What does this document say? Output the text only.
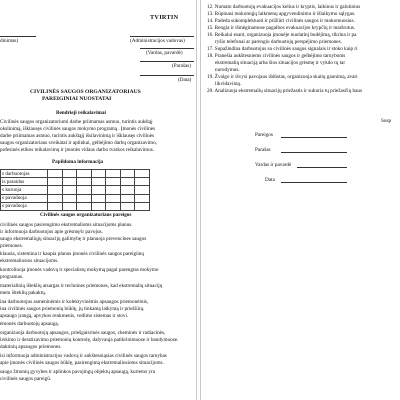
TVIRTIN
dinimas)	(Administracijos vadovas)
(Vardas, pavardė)
(Parašas)
(Data)
CIVILINĖS SAUGOS ORGANIZATORIAUS
PAREIGINIAI NUOSTATAI
Bendrieji reikalavimai
Civilinės saugos organizatoriumi darbe priimamas asmuo, turintis aukštąj
okslinimą, išklausęs civilinės saugos mokymo programą . Įmonės civilinės
darbe priimamas asmuo, turintis aukštąjį išsilavinimą ir išklausęs civilinės
saugos organizatoriaus sveikatai ir aplinkai, gelbėjimo darbų organizavimo,
pofesinės etikos reikalavimų ir įmonės vidaus darbo tvarkos reikalavimus.
Papildoma informacija
s darbuotojas							
is paraidus							
s kuruoja							
s pavaduoja							
s pavaduoja							
Civilinės saugos organizatoriaus pareigos
civilinės saugos pasirengimo ekstremalioms situacijoms planus.
ir informuoja darbuotojus apie grėsmę/ir pavojus.
saugo ekstremaliųjų situacijų galimybę ir planuoja prevencines saugos
priemones.
klausia, sistemina ir kaupia planus įmonės civilinės saugos pareigūnų
ekstremaliosios situacijoms.
kontroliuoja įmonės vadovą ir specialistų mokymą pagal parengtas mokymo
programas.
materialinių išteklių atsargas ir technines priemones, kad ekstremalių situacijų
metu išteklių pakaktų.
ina darbuotojus asmeninėmis ir kolektyvinėmis apsaugos priemonėmis,
ina civilinės saugos priemonių būklę, jų tinkamą laikymą ir priežiūrą.
apsaugo įrangą, apvykos renkmenis, vedimo sistemas ir stovi.
ėmonės darbuotojų apsaugą.
organizuoja darbuotojų apsaugos, priešgaisrinės saugos, cheminės ir radiacinės,
irskimo ir deratizavimo priemonių kontrolę, dalyvauja patikrinimuose ir bandymuose.
daktinių apsaugos priemones.
isi informuoja administracijos vadovą ir aukštesniąsias civilinės saugos tarnybas
apie įmonės civilinės saugos būklę, pasirengimą ekstremaliosioms situacijoms.
saugo žmonių gyvybes ir aplinkos pavojingų objektų apsaugą, kuriems yra
civilinės saugos pareigū.
12. Numato darbuotojų evakuacijos kelius ir kryptis, laikinus ir galutinius
13. Rūpinasi mokomųjų laikmenų apgyvendinimu ir išlaikymo sąlygas.
14. Padeda sukomplektuoti ir prižiūri civilinės saugos ir mokomuosius.
15. Rengia ir išmėginamose pagalbos evakuacijos krypčių ir maršrutus.
16. Reikalui esant, organizuoja įmonėje nuolatinį budėjimą, tikrina ir pa
ryšio telefonai ar parengiu darbuotojų perspėjimo priemones.
17. Supažindina darbuotojus su civilinės saugos signalais ir stoko kaip ri
18. Pranešia aukštesniems civilinės saugos ir gelbėjimo tarnyboms
ekstremalią situaciją arba šios situacijos grėsmę ir vykdo tų tar
nurodymus.
19. Žvalgo ir išvysi pavojaus išdūstas, organizuoja skaitų gaunimą, avari
likvidavimą.
20. Analizuoja ekstremalių situacijų priežastis ir sukuria tų priežasčių baus
Susp
Pareigos
Parašas
Vardas ir pavardė
Data
